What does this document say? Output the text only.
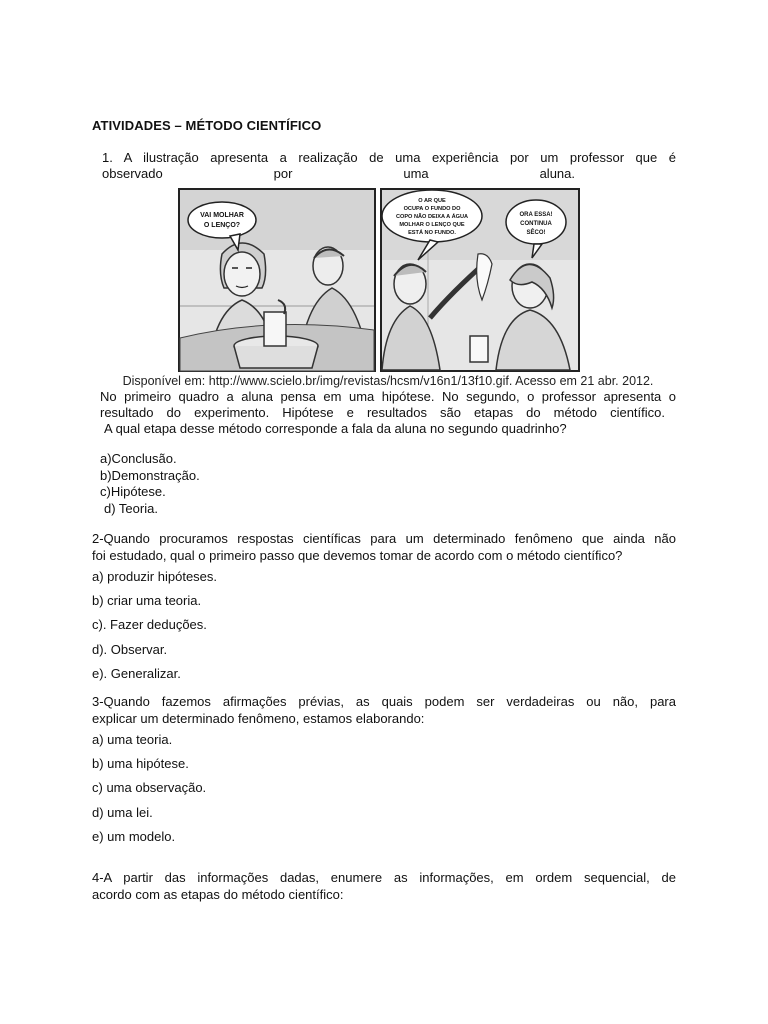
ATIVIDADES – MÉTODO CIENTÍFICO
1. A ilustração apresenta a realização de uma experiência por um professor que é
observado	por	uma	aluna.
VAI MOLHAR
O LENÇO?
O AR QUE
OCUPA O FUNDO DO
COPO NÃO DEIXA A ÁGUA
MOLHAR O LENÇO QUE
ESTÁ NO FUNDO.
ORA ESSA!
CONTINUA
SÊCO!
Disponível em: http://www.scielo.br/img/revistas/hcsm/v16n1/13f10.gif. Acesso em 21 abr. 2012.
No primeiro quadro a aluna pensa em uma hipótese. No segundo, o professor apresenta o
resultado do experimento. Hipótese e resultados são etapas do método científico.
A qual etapa desse método corresponde a fala da aluna no segundo quadrinho?
a)Conclusão.
b)Demonstração.
c)Hipótese.
d) Teoria.
2-Quando procuramos respostas científicas para um determinado fenômeno que ainda não
foi estudado, qual o primeiro passo que devemos tomar de acordo com o método científico?
a) produzir hipóteses.
b) criar uma teoria.
c). Fazer deduções.
d). Observar.
e). Generalizar.
3-Quando fazemos afirmações prévias, as quais podem ser verdadeiras ou não, para
explicar um determinado fenômeno, estamos elaborando:
a) uma teoria.
b) uma hipótese.
c) uma observação.
d) uma lei.
e) um modelo.
4-A partir das informações dadas, enumere as informações, em ordem sequencial, de
acordo com as etapas do método científico:
